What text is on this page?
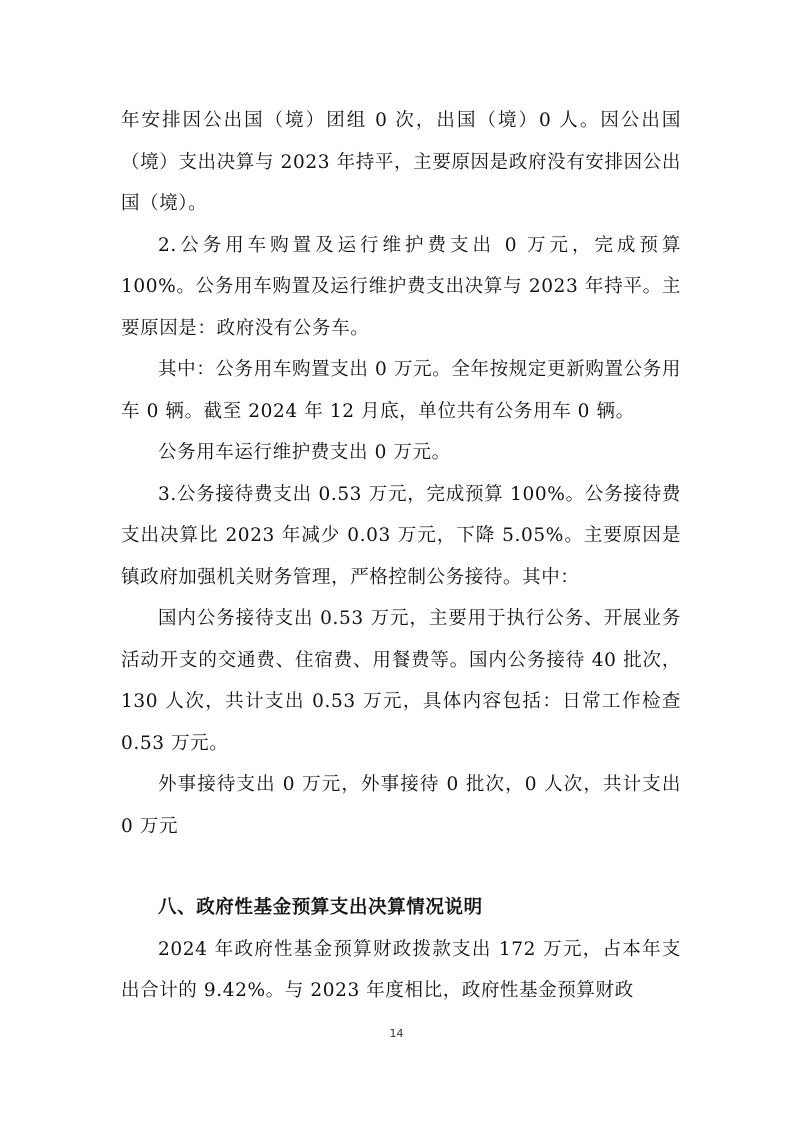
年安排因公出国（境）团组 0 次，出国（境）0 人。因公出国（境）支出决算与 2023 年持平，主要原因是政府没有安排因公出国（境）。

2.公务用车购置及运行维护费支出 0 万元，完成预算 100%。公务用车购置及运行维护费支出决算与 2023 年持平。主要原因是：政府没有公务车。

其中：公务用车购置支出 0 万元。全年按规定更新购置公务用车 0 辆。截至 2024 年 12 月底，单位共有公务用车 0 辆。

公务用车运行维护费支出 0 万元。

3.公务接待费支出 0.53 万元，完成预算 100%。公务接待费支出决算比 2023 年减少 0.03 万元，下降 5.05%。主要原因是镇政府加强机关财务管理，严格控制公务接待。其中：

国内公务接待支出 0.53 万元，主要用于执行公务、开展业务活动开支的交通费、住宿费、用餐费等。国内公务接待 40 批次，130 人次，共计支出 0.53 万元，具体内容包括：日常工作检查 0.53 万元。

外事接待支出 0 万元，外事接待 0 批次，0 人次，共计支出 0 万元

八、政府性基金预算支出决算情况说明

2024 年政府性基金预算财政拨款支出 172 万元，占本年支出合计的 9.42%。与 2023 年度相比，政府性基金预算财政

14
